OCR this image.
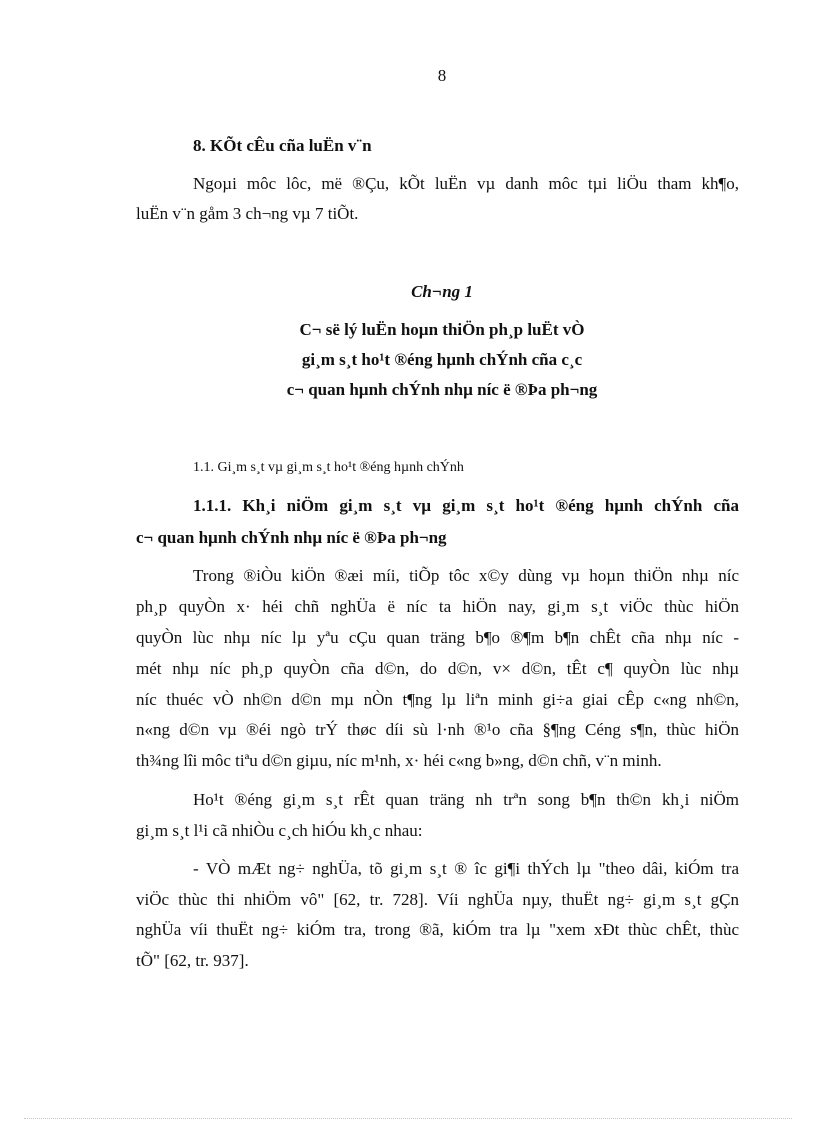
8
8. KÕt cÊu cña luËn v¨n
Ngoµi môc lôc, më ®Çu, kÕt luËn vµ danh môc tµi liÖu tham kh¶o,
luËn v¨n gåm 3 ch¬ng vµ 7 tiÕt.
Ch¬ng 1
C¬ së lý luËn hoµn thiÖn ph¸p luËt vÒ
gi¸m s¸t ho¹t ®éng hµnh chÝnh cña c¸c
c¬ quan hµnh chÝnh nhµ níc ë ®Þa ph¬ng
1.1. Gi¸m s¸t vµ gi¸m s¸t ho¹t ®éng hµnh chÝnh
1.1.1. Kh¸i niÖm gi¸m s¸t vµ gi¸m s¸t ho¹t ®éng hµnh chÝnh cña
c¬ quan hµnh chÝnh nhµ níc ë ®Þa ph¬ng
Trong ®iÒu kiÖn ®æi míi, tiÕp tôc x©y dùng vµ hoµn thiÖn nhµ níc
ph¸p quyÒn x· héi chñ nghÜa ë níc ta hiÖn nay, gi¸m s¸t viÖc thùc hiÖn
quyÒn lùc nhµ níc lµ yªu cÇu quan träng b¶o ®¶m b¶n chÊt cña nhµ níc -
mét nhµ níc ph¸p quyÒn cña d©n, do d©n, v× d©n, tÊt c¶ quyÒn lùc nhµ
níc thuéc vÒ nh©n d©n mµ nÒn t¶ng lµ liªn minh gi÷a giai cÊp c«ng nh©n,
n«ng d©n vµ ®éi ngò trÝ thøc díi sù l·nh ®¹o cña §¶ng Céng s¶n, thùc hiÖn
th¾ng lîi môc tiªu d©n giµu, níc m¹nh, x· héi c«ng b»ng, d©n chñ, v¨n minh.
Ho¹t ®éng gi¸m s¸t rÊt quan träng nh trªn song b¶n th©n kh¸i niÖm
gi¸m s¸t l¹i cã nhiÒu c¸ch hiÓu kh¸c nhau:
- VÒ mÆt ng÷ nghÜa, tõ gi¸m s¸t ® îc gi¶i thÝch lµ "theo dâi, kiÓm tra
viÖc thùc thi nhiÖm vô" [62, tr. 728]. Víi nghÜa nµy, thuËt ng÷ gi¸m s¸t gÇn
nghÜa víi thuËt ng÷ kiÓm tra, trong ®ã, kiÓm tra lµ "xem xÐt thùc chÊt, thùc
tÕ" [62, tr. 937].
